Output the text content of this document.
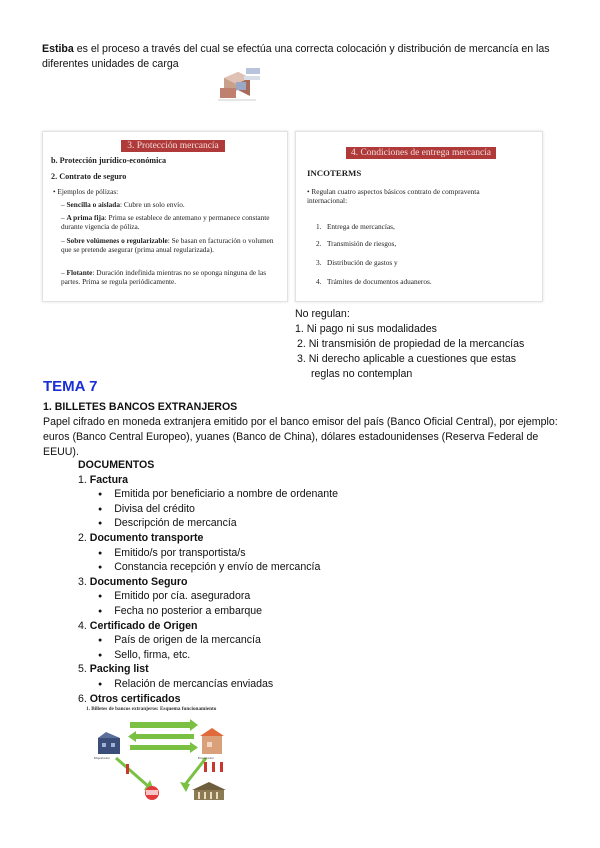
Estiba es el proceso a través del cual se efectúa una correcta colocación y distribución de mercancía en las diferentes unidades de carga
3. Protección mercancía
b. Protección jurídico-económica
2. Contrato de seguro
• Ejemplos de pólizas:
– Sencilla o aislada: Cubre un solo envío.
– A prima fija: Prima se establece de antemano y permanece constante durante vigencia de póliza.
– Sobre volúmenes o regularizable: Se basan en facturación o volumen que se pretende asegurar (prima anual regularizada).
– Flotante: Duración indefinida mientras no se oponga ninguna de las partes. Prima se regula periódicamente.
4. Condiciones de entrega mercancía
INCOTERMS
• Regulan cuatro aspectos básicos contrato de compraventa internacional:
1.   Entrega de mercancías,
2.   Transmisión de riesgos,
3.   Distribución de gastos y
4.   Trámites de documentos aduaneros.
No regulan:
1. Ni pago ni sus modalidades
2. Ni transmisión de propiedad de la mercancías
3. Ni derecho aplicable a cuestiones que estas
reglas no contemplan
TEMA 7
1. BILLETES BANCOS EXTRANJEROS
Papel cifrado en moneda extranjera emitido por el banco emisor del país (Banco Oficial Central), por ejemplo: euros (Banco Central Europeo), yuanes (Banco de China), dólares estadounidenses (Reserva Federal de EEUU).
DOCUMENTOS
1. Factura
● Emitida por beneficiario a nombre de ordenante
● Divisa del crédito
● Descripción de mercancía
2. Documento transporte
● Emitido/s por transportista/s
● Constancia recepción y envío de mercancía
3. Documento Seguro
● Emitido por cía. aseguradora
● Fecha no posterior a embarque
4. Certificado de Origen
● País de origen de la mercancía
● Sello, firma, etc.
5. Packing list
● Relación de mercancías enviadas
6. Otros certificados
1. Billetes de bancos extranjeros: Esquema funcionamiento
Importador	Exportador
